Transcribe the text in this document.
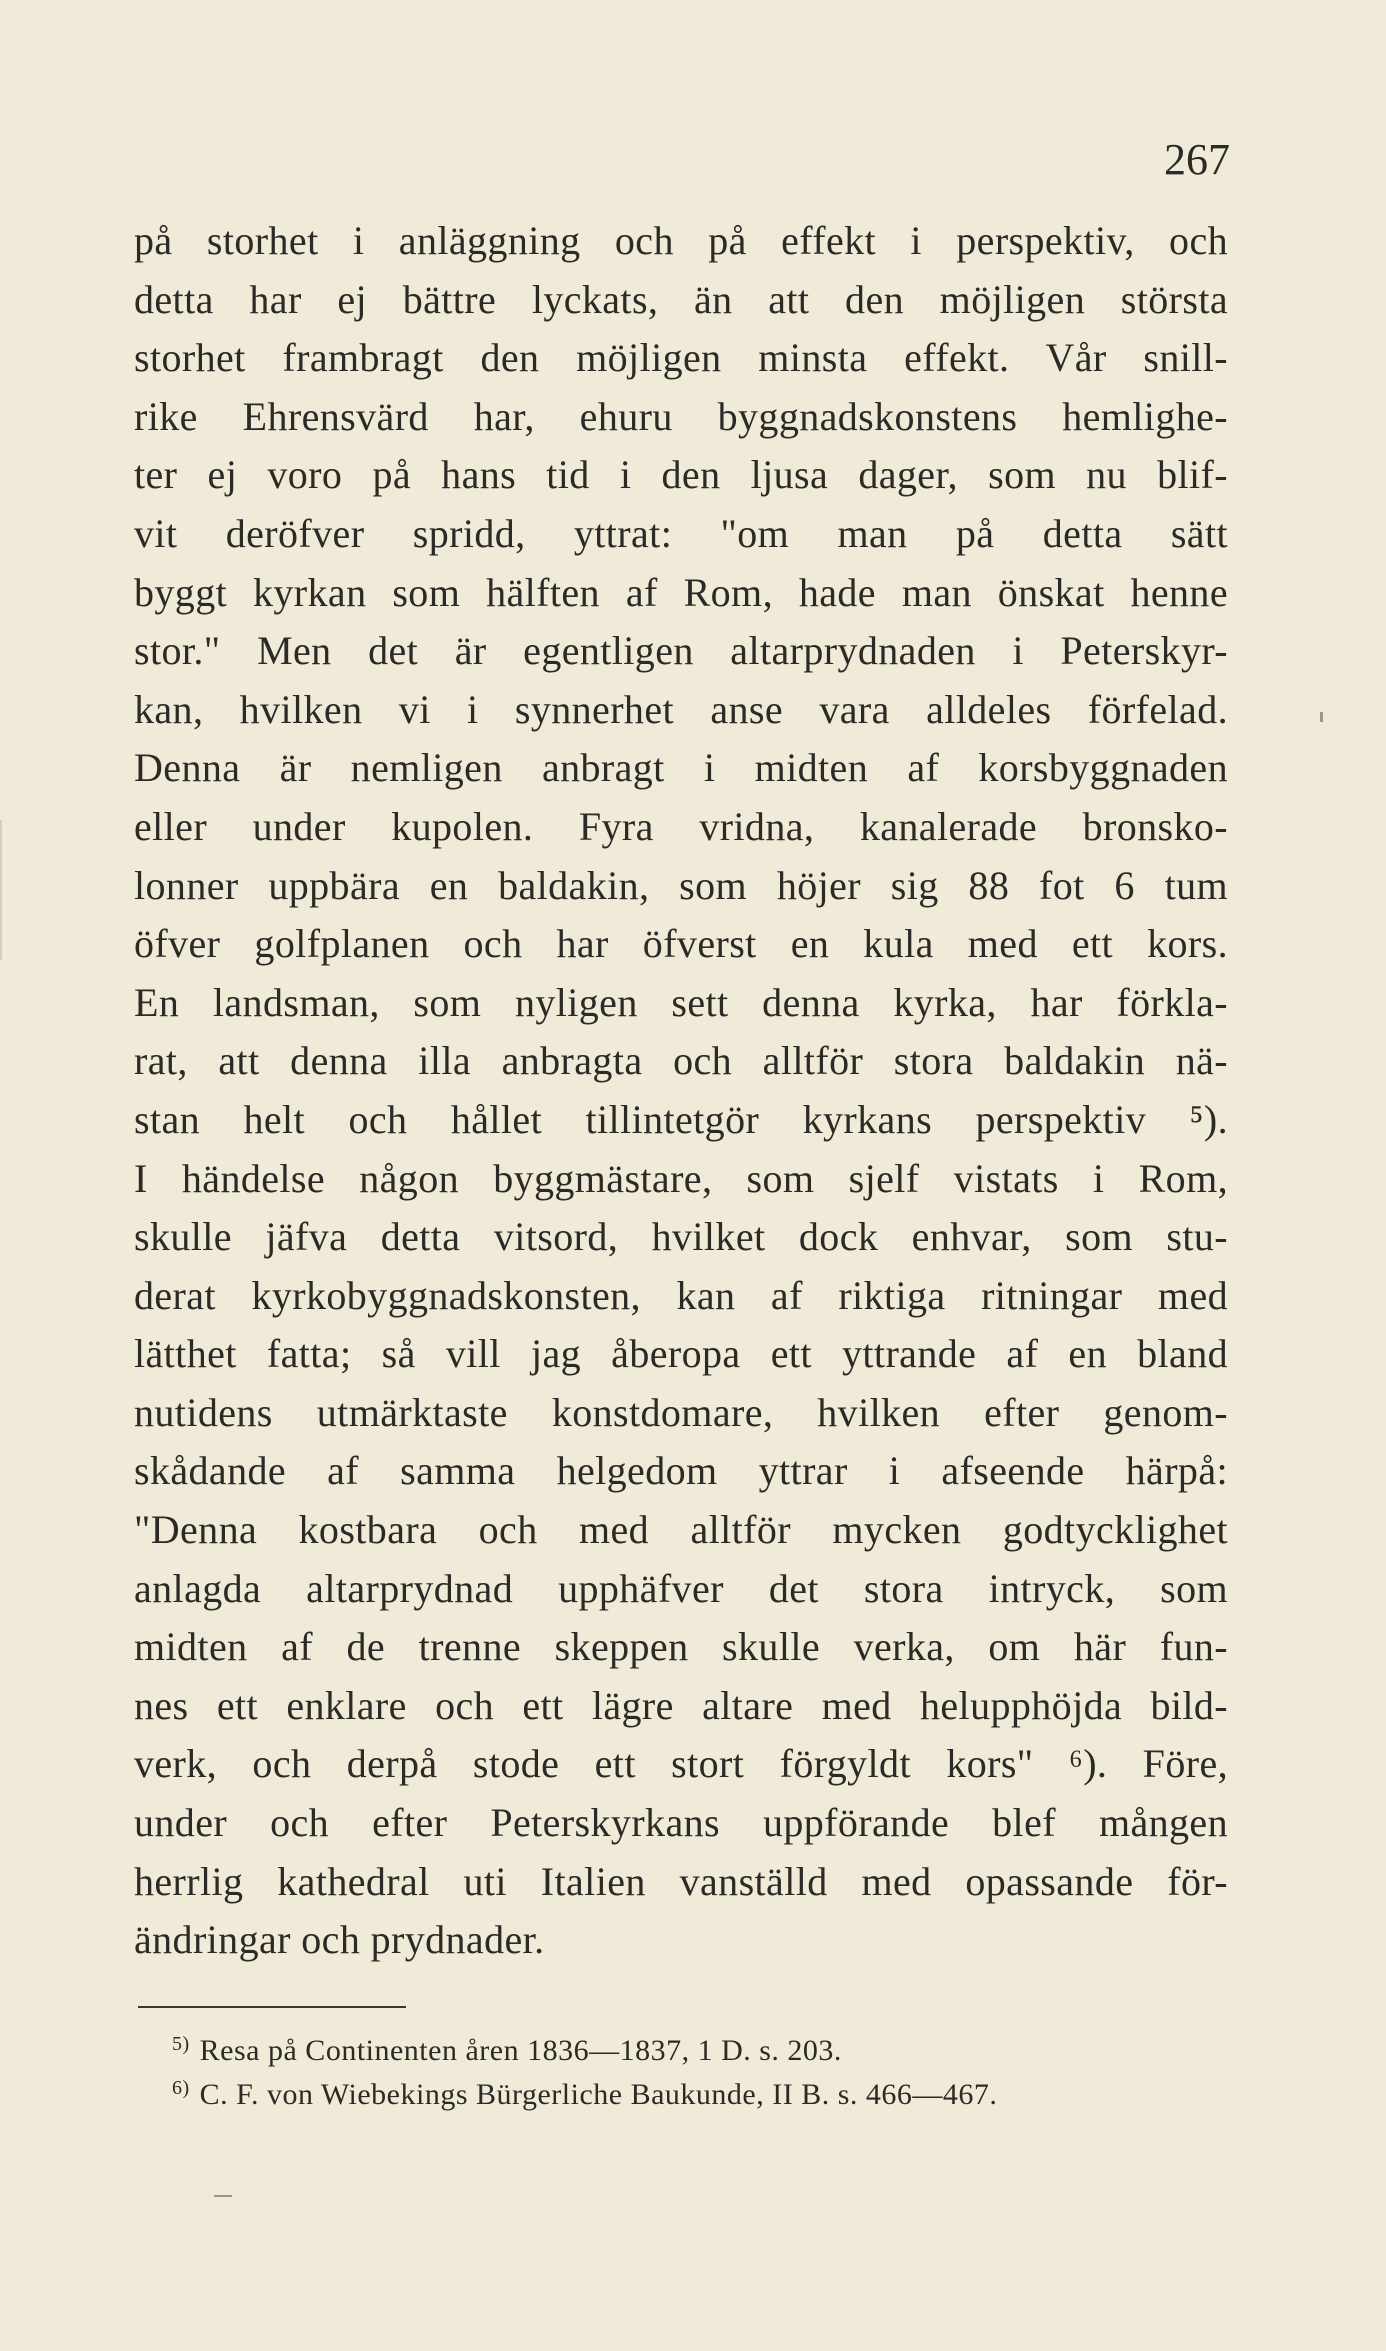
267
på storhet i anläggning och på effekt i perspektiv, och
detta har ej bättre lyckats, än att den möjligen största
storhet frambragt den möjligen minsta effekt. Vår snill-
rike Ehrensvärd har, ehuru byggnadskonstens hemlighe-
ter ej voro på hans tid i den ljusa dager, som nu blif-
vit deröfver spridd, yttrat: "om man på detta sätt
byggt kyrkan som hälften af Rom, hade man önskat henne
stor." Men det är egentligen altarprydnaden i Peterskyr-
kan, hvilken vi i synnerhet anse vara alldeles förfelad.
Denna är nemligen anbragt i midten af korsbyggnaden
eller under kupolen. Fyra vridna, kanalerade bronsko-
lonner uppbära en baldakin, som höjer sig 88 fot 6 tum
öfver golfplanen och har öfverst en kula med ett kors.
En landsman, som nyligen sett denna kyrka, har förkla-
rat, att denna illa anbragta och alltför stora baldakin nä-
stan helt och hållet tillintetgör kyrkans perspektiv ⁵).
I händelse någon byggmästare, som sjelf vistats i Rom,
skulle jäfva detta vitsord, hvilket dock enhvar, som stu-
derat kyrkobyggnadskonsten, kan af riktiga ritningar med
lätthet fatta; så vill jag åberopa ett yttrande af en bland
nutidens utmärktaste konstdomare, hvilken efter genom-
skådande af samma helgedom yttrar i afseende härpå:
"Denna kostbara och med alltför mycken godtycklighet
anlagda altarprydnad upphäfver det stora intryck, som
midten af de trenne skeppen skulle verka, om här fun-
nes ett enklare och ett lägre altare med helupphöjda bild-
verk, och derpå stode ett stort förgyldt kors" ⁶). Före,
under och efter Peterskyrkans uppförande blef mången
herrlig kathedral uti Italien vanställd med opassande för-
ändringar och prydnader.
$^{5)}$ Resa på Continenten åren 1836—1837, 1 D. s. 203.
$^{6)}$ C. F. von Wiebekings Bürgerliche Baukunde, II B. s. 466—467.
